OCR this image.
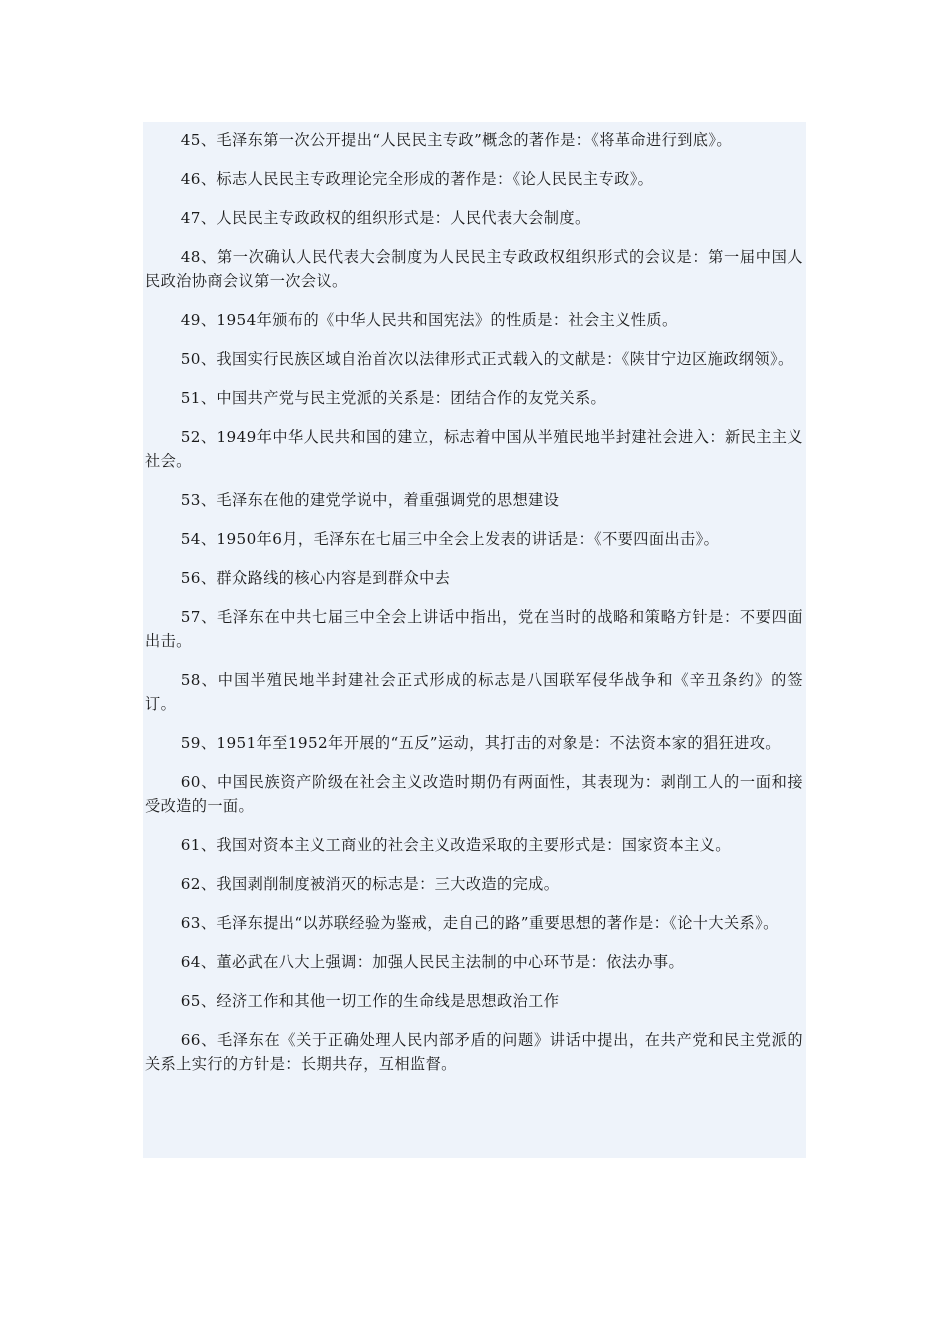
45、毛泽东第一次公开提出“人民民主专政”概念的著作是：《将革命进行到底》。

46、标志人民民主专政理论完全形成的著作是：《论人民民主专政》。

47、人民民主专政政权的组织形式是：人民代表大会制度。

48、第一次确认人民代表大会制度为人民民主专政政权组织形式的会议是：第一届中国人民政治协商会议第一次会议。

49、1954年颁布的《中华人民共和国宪法》的性质是：社会主义性质。

50、我国实行民族区域自治首次以法律形式正式载入的文献是：《陕甘宁边区施政纲领》。

51、中国共产党与民主党派的关系是：团结合作的友党关系。

52、1949年中华人民共和国的建立，标志着中国从半殖民地半封建社会进入：新民主主义社会。

53、毛泽东在他的建党学说中，着重强调党的思想建设

54、1950年6月，毛泽东在七届三中全会上发表的讲话是：《不要四面出击》。

56、群众路线的核心内容是到群众中去

57、毛泽东在中共七届三中全会上讲话中指出，党在当时的战略和策略方针是：不要四面出击。

58、中国半殖民地半封建社会正式形成的标志是八国联军侵华战争和《辛丑条约》的签订。

59、1951年至1952年开展的“五反”运动，其打击的对象是：不法资本家的猖狂进攻。

60、中国民族资产阶级在社会主义改造时期仍有两面性，其表现为：剥削工人的一面和接受改造的一面。

61、我国对资本主义工商业的社会主义改造采取的主要形式是：国家资本主义。

62、我国剥削制度被消灭的标志是：三大改造的完成。

63、毛泽东提出“以苏联经验为鉴戒，走自己的路”重要思想的著作是：《论十大关系》。

64、董必武在八大上强调：加强人民民主法制的中心环节是：依法办事。

65、经济工作和其他一切工作的生命线是思想政治工作

66、毛泽东在《关于正确处理人民内部矛盾的问题》讲话中提出，在共产党和民主党派的关系上实行的方针是：长期共存，互相监督。
